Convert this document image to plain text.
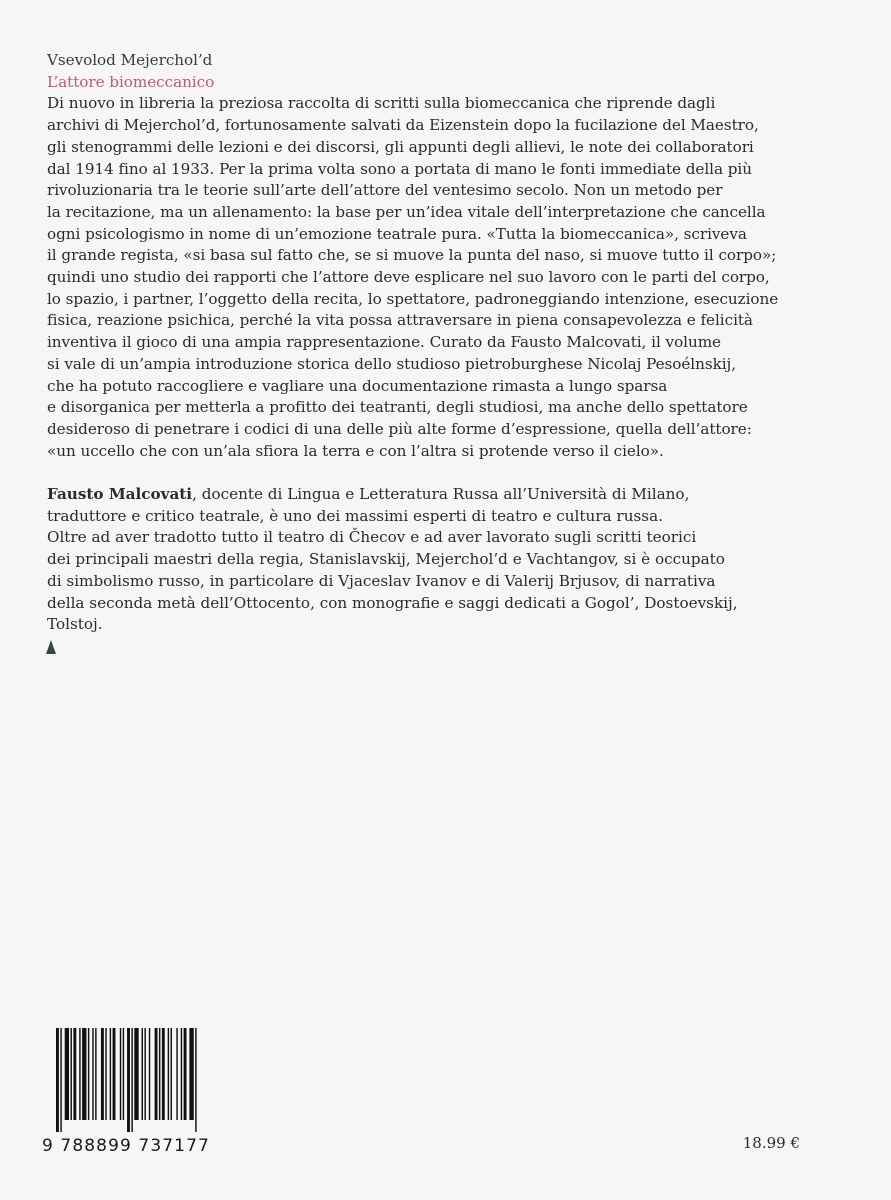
Vsevolod Mejerchol’d
L’attore biomeccanico
Di nuovo in libreria la preziosa raccolta di scritti sulla biomeccanica che riprende dagli
archivi di Mejerchol’d, fortunosamente salvati da Eizenstein dopo la fucilazione del Maestro,
gli stenogrammi delle lezioni e dei discorsi, gli appunti degli allievi, le note dei collaboratori
dal 1914 fino al 1933. Per la prima volta sono a portata di mano le fonti immediate della più
rivoluzionaria tra le teorie sull’arte dell’attore del ventesimo secolo. Non un metodo per
la recitazione, ma un allenamento: la base per un’idea vitale dell’interpretazione che cancella
ogni psicologismo in nome di un’emozione teatrale pura. «Tutta la biomeccanica», scriveva
il grande regista, «si basa sul fatto che, se si muove la punta del naso, si muove tutto il corpo»;
quindi uno studio dei rapporti che l’attore deve esplicare nel suo lavoro con le parti del corpo,
lo spazio, i partner, l’oggetto della recita, lo spettatore, padroneggiando intenzione, esecuzione
fisica, reazione psichica, perché la vita possa attraversare in piena consapevolezza e felicità
inventiva il gioco di una ampia rappresentazione. Curato da Fausto Malcovati, il volume
si vale di un’ampia introduzione storica dello studioso pietroburghese Nicolaj Pesoélnskij,
che ha potuto raccogliere e vagliare una documentazione rimasta a lungo sparsa
e disorganica per metterla a profitto dei teatranti, degli studiosi, ma anche dello spettatore
desideroso di penetrare i codici di una delle più alte forme d’espressione, quella dell’attore:
«un uccello che con un’ala sfiora la terra e con l’altra si protende verso il cielo».
Fausto Malcovati, docente di Lingua e Letteratura Russa all’Università di Milano,
traduttore e critico teatrale, è uno dei massimi esperti di teatro e cultura russa.
Oltre ad aver tradotto tutto il teatro di Čhecov e ad aver lavorato sugli scritti teorici
dei principali maestri della regia, Stanislavskij, Mejerchol’d e Vachtangov, si è occupato
di simbolismo russo, in particolare di Vjaceslav Ivanov e di Valerij Brjusov, di narrativa
della seconda metà dell’Ottocento, con monografie e saggi dedicati a Gogol’, Dostoevskij,
Tolstoj.
9 788899 737177	18.99 €
